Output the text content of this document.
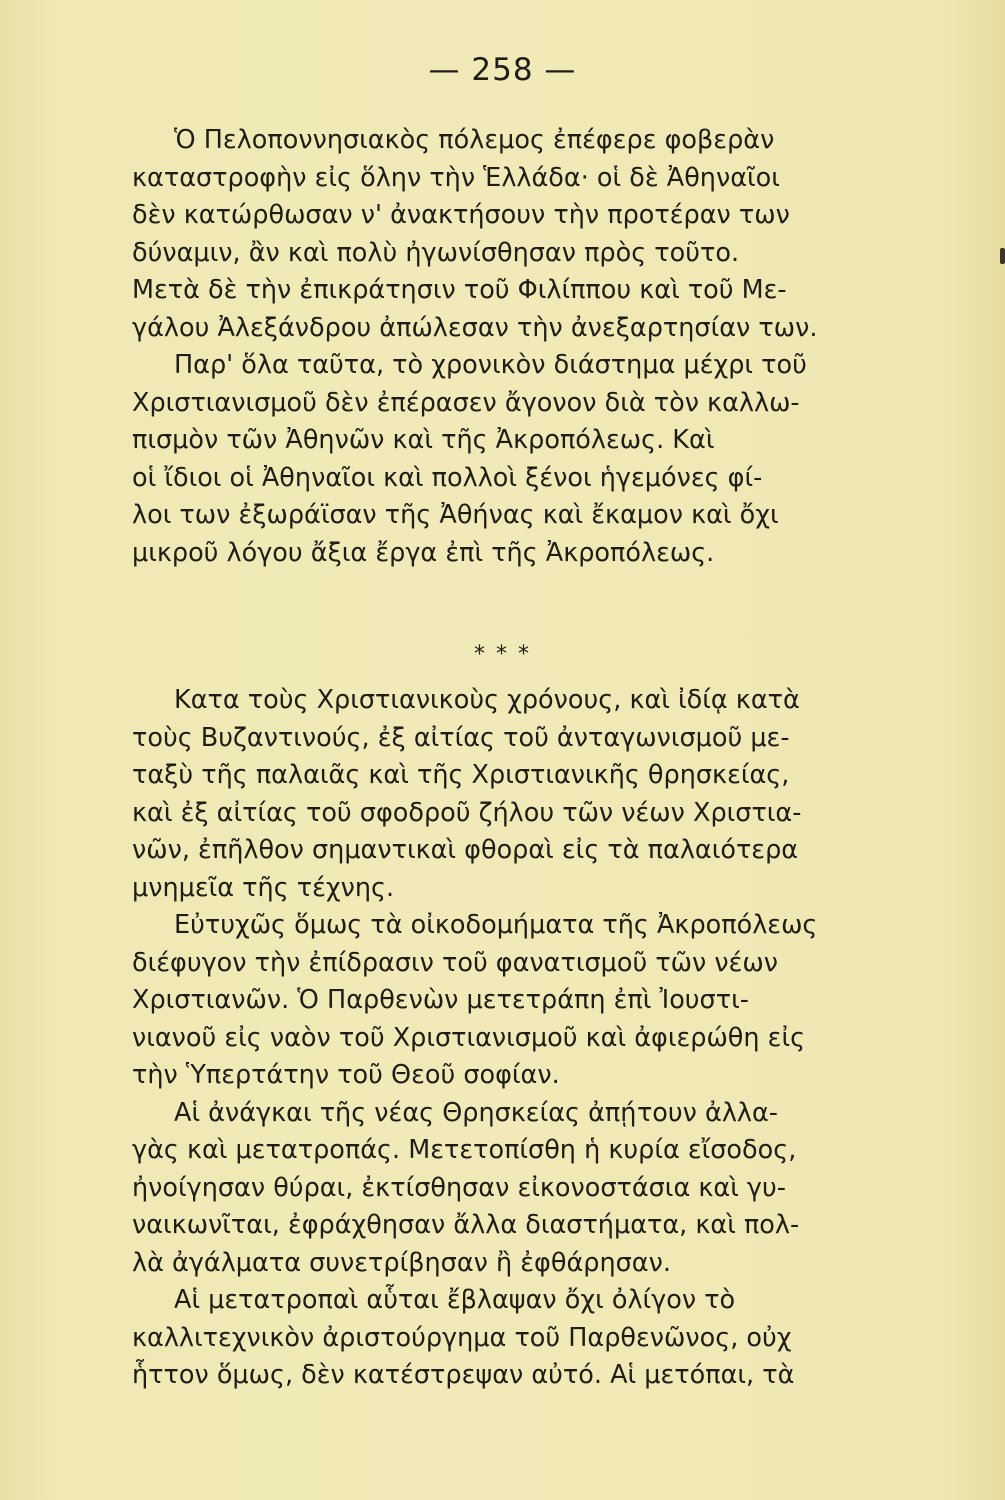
— 258 —
Ὁ Πελοποννησιακὸς πόλεμος ἐπέφερε φοβερὰν
καταστροφὴν εἰς ὅλην τὴν Ἑλλάδα· οἱ δὲ Ἀθηναῖοι
δὲν κατώρθωσαν ν' ἀνακτήσουν τὴν προτέραν των
δύναμιν, ἂν καὶ πολὺ ἠγωνίσθησαν πρὸς τοῦτο.
Μετὰ δὲ τὴν ἐπικράτησιν τοῦ Φιλίππου καὶ τοῦ Με-
γάλου Ἀλεξάνδρου ἀπώλεσαν τὴν ἀνεξαρτησίαν των.
Παρ' ὅλα ταῦτα, τὸ χρονικὸν διάστημα μέχρι τοῦ
Χριστιανισμοῦ δὲν ἐπέρασεν ἄγονον διὰ τὸν καλλω-
πισμὸν τῶν Ἀθηνῶν καὶ τῆς Ἀκροπόλεως. Καὶ
οἱ ἴδιοι οἱ Ἀθηναῖοι καὶ πολλοὶ ξένοι ἡγεμόνες φί-
λοι των ἐξωράϊσαν τῆς Ἀθήνας καὶ ἔκαμον καὶ ὄχι
μικροῦ λόγου ἄξια ἔργα ἐπὶ τῆς Ἀκροπόλεως.
* * *
Κατα τοὺς Χριστιανικοὺς χρόνους, καὶ ἰδίᾳ κατὰ
τοὺς Βυζαντινούς, ἐξ αἰτίας τοῦ ἀνταγωνισμοῦ με-
ταξὺ τῆς παλαιᾶς καὶ τῆς Χριστιανικῆς θρησκείας,
καὶ ἐξ αἰτίας τοῦ σφοδροῦ ζήλου τῶν νέων Χριστια-
νῶν, ἐπῆλθον σημαντικαὶ φθοραὶ εἰς τὰ παλαιότερα
μνημεῖα τῆς τέχνης.
Εὐτυχῶς ὅμως τὰ οἰκοδομήματα τῆς Ἀκροπόλεως
διέφυγον τὴν ἐπίδρασιν τοῦ φανατισμοῦ τῶν νέων
Χριστιανῶν. Ὁ Παρθενὼν μετετράπη ἐπὶ Ἰουστι-
νιανοῦ εἰς ναὸν τοῦ Χριστιανισμοῦ καὶ ἀφιερώθη εἰς
τὴν Ὑπερτάτην τοῦ Θεοῦ σοφίαν.
Αἱ ἀνάγκαι τῆς νέας Θρησκείας ἀπῄτουν ἀλλα-
γὰς καὶ μετατροπάς. Μετετοπίσθη ἡ κυρία εἴσοδος,
ἠνοίγησαν θύραι, ἐκτίσθησαν εἰκονοστάσια καὶ γυ-
ναικωνῖται, ἐφράχθησαν ἄλλα διαστήματα, καὶ πολ-
λὰ ἀγάλματα συνετρίβησαν ἢ ἐφθάρησαν.
Αἱ μετατροπαὶ αὗται ἔβλαψαν ὄχι ὀλίγον τὸ
καλλιτεχνικὸν ἀριστούργημα τοῦ Παρθενῶνος, οὐχ
ἧττον ὅμως, δὲν κατέστρεψαν αὐτό. Αἱ μετόπαι, τὰ
